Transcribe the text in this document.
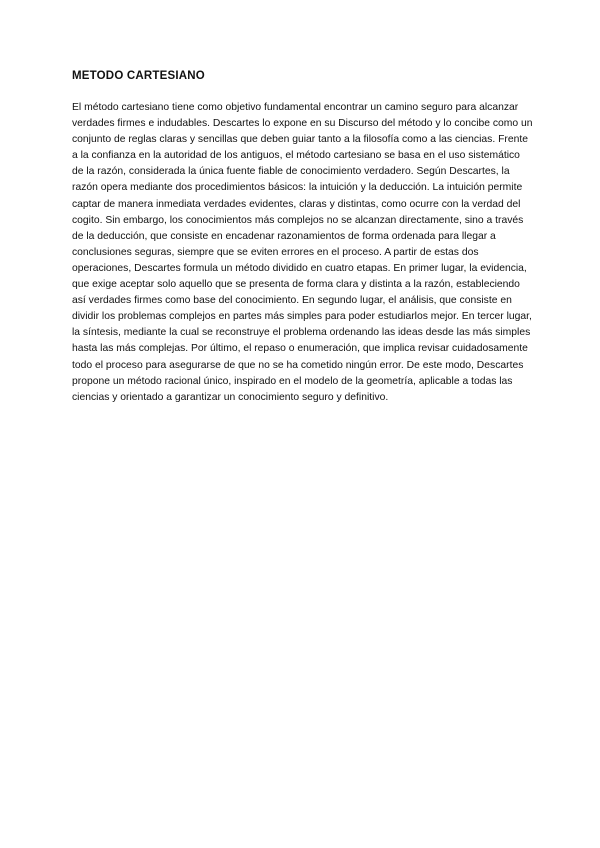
METODO CARTESIANO

El método cartesiano tiene como objetivo fundamental encontrar un camino seguro para alcanzar verdades firmes e indudables. Descartes lo expone en su Discurso del método y lo concibe como un conjunto de reglas claras y sencillas que deben guiar tanto a la filosofía como a las ciencias. Frente a la confianza en la autoridad de los antiguos, el método cartesiano se basa en el uso sistemático de la razón, considerada la única fuente fiable de conocimiento verdadero. Según Descartes, la razón opera mediante dos procedimientos básicos: la intuición y la deducción. La intuición permite captar de manera inmediata verdades evidentes, claras y distintas, como ocurre con la verdad del cogito. Sin embargo, los conocimientos más complejos no se alcanzan directamente, sino a través de la deducción, que consiste en encadenar razonamientos de forma ordenada para llegar a conclusiones seguras, siempre que se eviten errores en el proceso. A partir de estas dos operaciones, Descartes formula un método dividido en cuatro etapas. En primer lugar, la evidencia, que exige aceptar solo aquello que se presenta de forma clara y distinta a la razón, estableciendo así verdades firmes como base del conocimiento. En segundo lugar, el análisis, que consiste en dividir los problemas complejos en partes más simples para poder estudiarlos mejor. En tercer lugar, la síntesis, mediante la cual se reconstruye el problema ordenando las ideas desde las más simples hasta las más complejas. Por último, el repaso o enumeración, que implica revisar cuidadosamente todo el proceso para asegurarse de que no se ha cometido ningún error. De este modo, Descartes propone un método racional único, inspirado en el modelo de la geometría, aplicable a todas las ciencias y orientado a garantizar un conocimiento seguro y definitivo.
